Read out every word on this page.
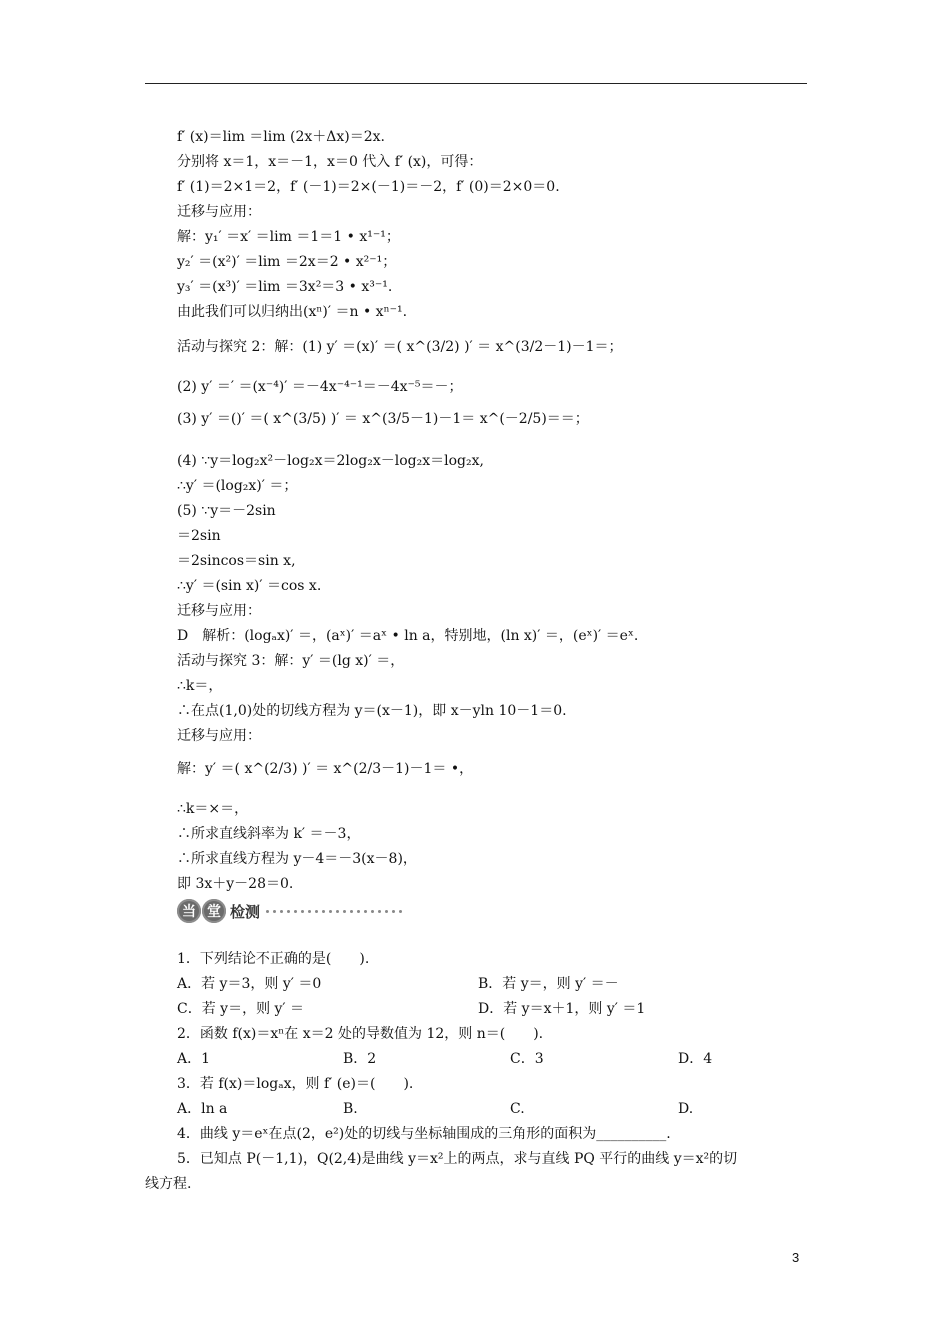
f′ (x)＝lim ＝lim (2x＋Δx)＝2x.
分别将 x＝1，x＝－1，x＝0 代入 f′ (x)，可得：
f′ (1)＝2×1＝2，f′ (－1)＝2×(－1)＝－2，f′ (0)＝2×0＝0.
迁移与应用：
解：y₁′ ＝x′ ＝lim ＝1＝1 • x¹⁻¹；
y₂′ ＝(x²)′ ＝lim ＝2x＝2 • x²⁻¹；
y₃′ ＝(x³)′ ＝lim ＝3x²＝3 • x³⁻¹.
由此我们可以归纳出(xⁿ)′ ＝n • xⁿ⁻¹.
活动与探究 2：解：(1) y′ ＝(x)′ ＝( x^(3/2) )′ ＝ x^(3/2－1)－1＝；
(2) y′ ＝′ ＝(x⁻⁴)′ ＝－4x⁻⁴⁻¹＝－4x⁻⁵＝－；
(3) y′ ＝()′ ＝( x^(3/5) )′ ＝ x^(3/5－1)－1＝ x^(－2/5)＝＝；
(4) ∵y＝log₂x²－log₂x＝2log₂x－log₂x＝log₂x,
∴y′ ＝(log₂x)′ ＝；
(5) ∵y＝－2sin
＝2sin
＝2sincos＝sin x,
∴y′ ＝(sin x)′ ＝cos x.
迁移与应用：
D　解析：(logₐx)′ ＝，(aˣ)′ ＝aˣ • ln a，特别地，(ln x)′ ＝，(eˣ)′ ＝eˣ.
活动与探究 3：解：y′ ＝(lg x)′ ＝，
∴k＝，
∴在点(1,0)处的切线方程为 y＝(x－1)，即 x－yln 10－1＝0.
迁移与应用：
解：y′ ＝( x^(2/3) )′ ＝ x^(2/3－1)－1＝ •，
∴k＝×＝，
∴所求直线斜率为 k′ ＝－3，
∴所求直线方程为 y－4＝－3(x－8)，
即 3x＋y－28＝0.
当 堂 检测
1．下列结论不正确的是(　　).
A．若 y＝3，则 y′ ＝0	B．若 y＝，则 y′ ＝－
C．若 y＝，则 y′ ＝	D．若 y＝x＋1，则 y′ ＝1
2．函数 f(x)＝xⁿ在 x＝2 处的导数值为 12，则 n＝(　　).
A．1	B．2	C．3	D．4
3．若 f(x)＝logₐx，则 f′ (e)＝(　　).
A．ln a	B.	C.	D.
4．曲线 y＝eˣ在点(2，e²)处的切线与坐标轴围成的三角形的面积为__________.
5．已知点 P(－1,1)，Q(2,4)是曲线 y＝x²上的两点，求与直线 PQ 平行的曲线 y＝x²的切
线方程.
3
